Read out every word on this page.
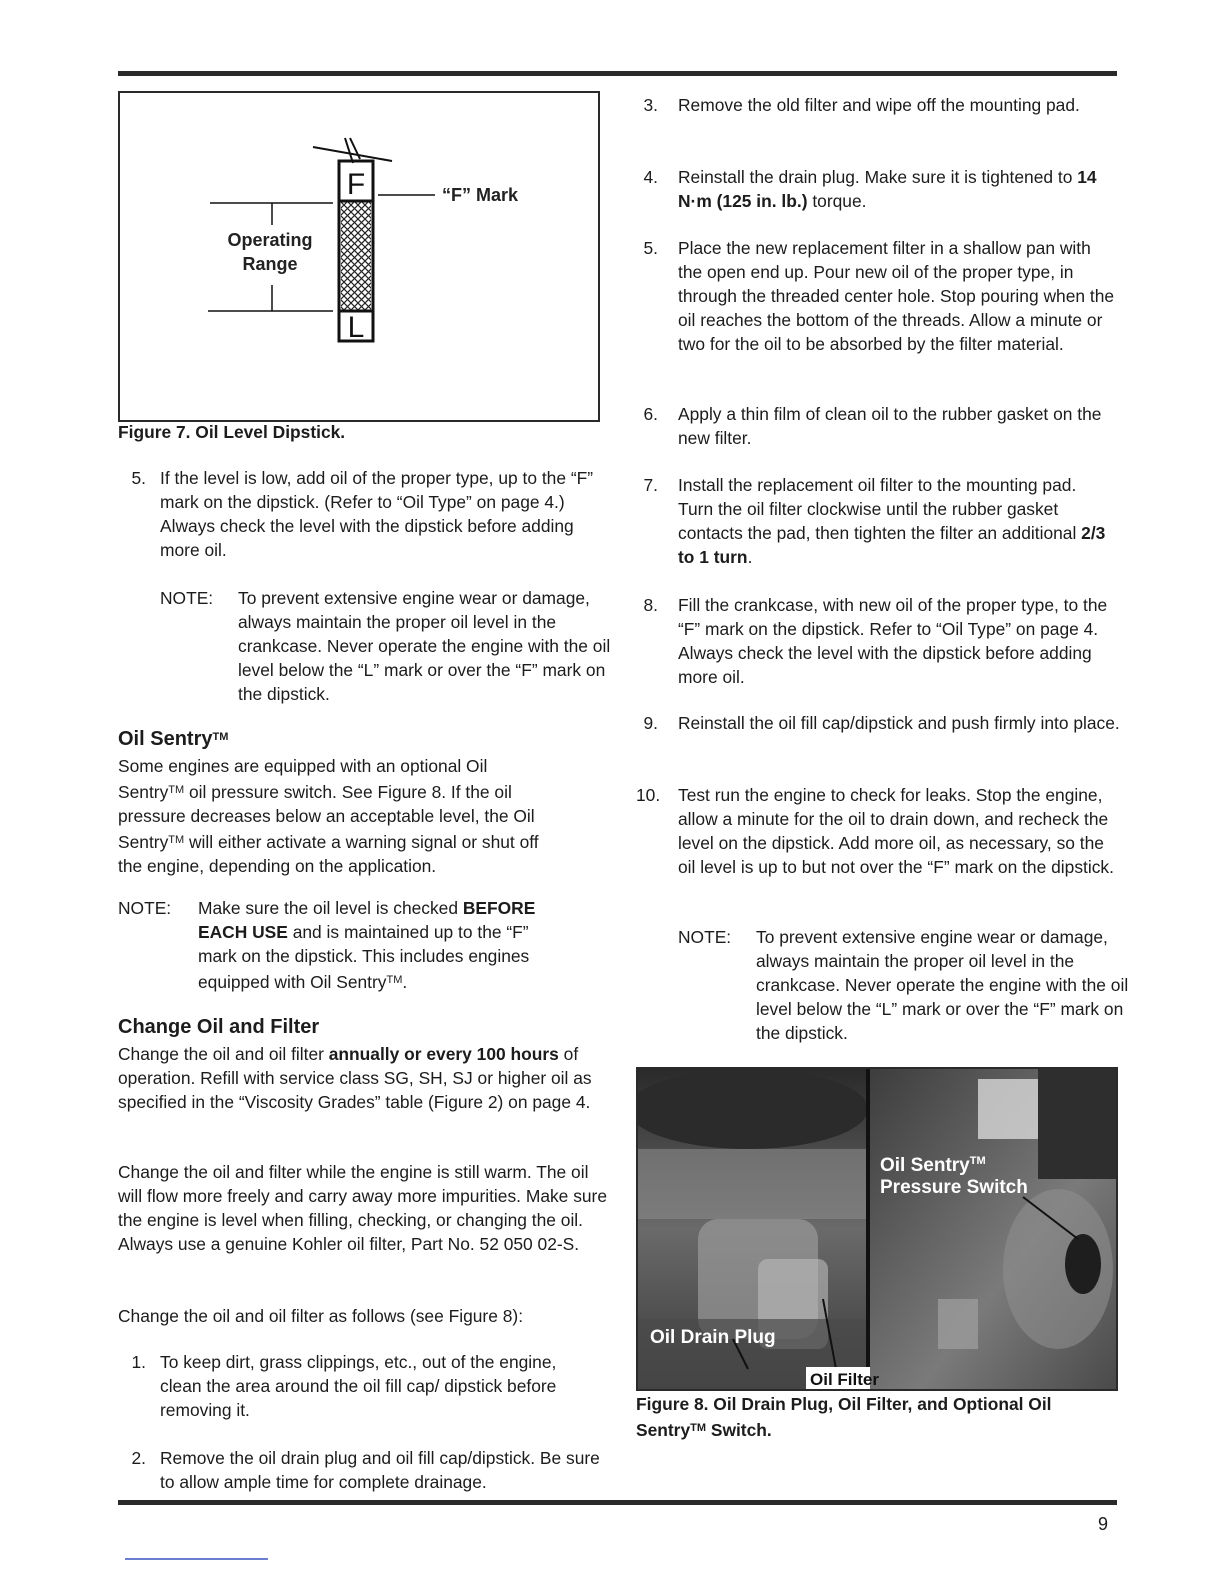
F
L
“F” Mark
Operating
Range
Figure 7. Oil Level Dipstick.
5. If the level is low, add oil of the proper type, up to the “F” mark on the dipstick. (Refer to “Oil Type” on page 4.) Always check the level with the dipstick before adding more oil.
NOTE: To prevent extensive engine wear or damage, always maintain the proper oil level in the crankcase. Never operate the engine with the oil level below the “L” mark or over the “F” mark on the dipstick.
Oil Sentry™
Some engines are equipped with an optional Oil
Sentry™ oil pressure switch. See Figure 8. If the oil
pressure decreases below an acceptable level, the Oil
Sentry™ will either activate a warning signal or shut off
the engine, depending on the application.
NOTE: Make sure the oil level is checked BEFORE
EACH USE and is maintained up to the “F”
mark on the dipstick. This includes engines
equipped with Oil Sentry™.
Change Oil and Filter
Change the oil and oil filter annually or every 100 hours of operation. Refill with service class SG, SH, SJ or higher oil as specified in the “Viscosity Grades” table (Figure 2) on page 4.
Change the oil and filter while the engine is still warm. The oil will flow more freely and carry away more impurities. Make sure the engine is level when filling, checking, or changing the oil. Always use a genuine Kohler oil filter, Part No. 52 050 02-S.
Change the oil and oil filter as follows (see Figure 8):
1. To keep dirt, grass clippings, etc., out of the engine, clean the area around the oil fill cap/ dipstick before removing it.
2. Remove the oil drain plug and oil fill cap/dipstick. Be sure to allow ample time for complete drainage.
3. Remove the old filter and wipe off the mounting pad.
4. Reinstall the drain plug. Make sure it is tightened to 14 N·m (125 in. lb.) torque.
5. Place the new replacement filter in a shallow pan with the open end up. Pour new oil of the proper type, in through the threaded center hole. Stop pouring when the oil reaches the bottom of the threads. Allow a minute or two for the oil to be absorbed by the filter material.
6. Apply a thin film of clean oil to the rubber gasket on the new filter.
7. Install the replacement oil filter to the mounting pad. Turn the oil filter clockwise until the rubber gasket contacts the pad, then tighten the filter an additional 2/3 to 1 turn.
8. Fill the crankcase, with new oil of the proper type, to the “F” mark on the dipstick. Refer to “Oil Type” on page 4. Always check the level with the dipstick before adding more oil.
9. Reinstall the oil fill cap/dipstick and push firmly into place.
10. Test run the engine to check for leaks. Stop the engine, allow a minute for the oil to drain down, and recheck the level on the dipstick. Add more oil, as necessary, so the oil level is up to but not over the “F” mark on the dipstick.
NOTE: To prevent extensive engine wear or damage, always maintain the proper oil level in the crankcase. Never operate the engine with the oil level below the “L” mark or over the “F” mark on the dipstick.
Oil Sentry™
Pressure Switch
Oil Drain Plug
Oil Filter
Figure 8. Oil Drain Plug, Oil Filter, and Optional Oil
Sentry™ Switch.
9
